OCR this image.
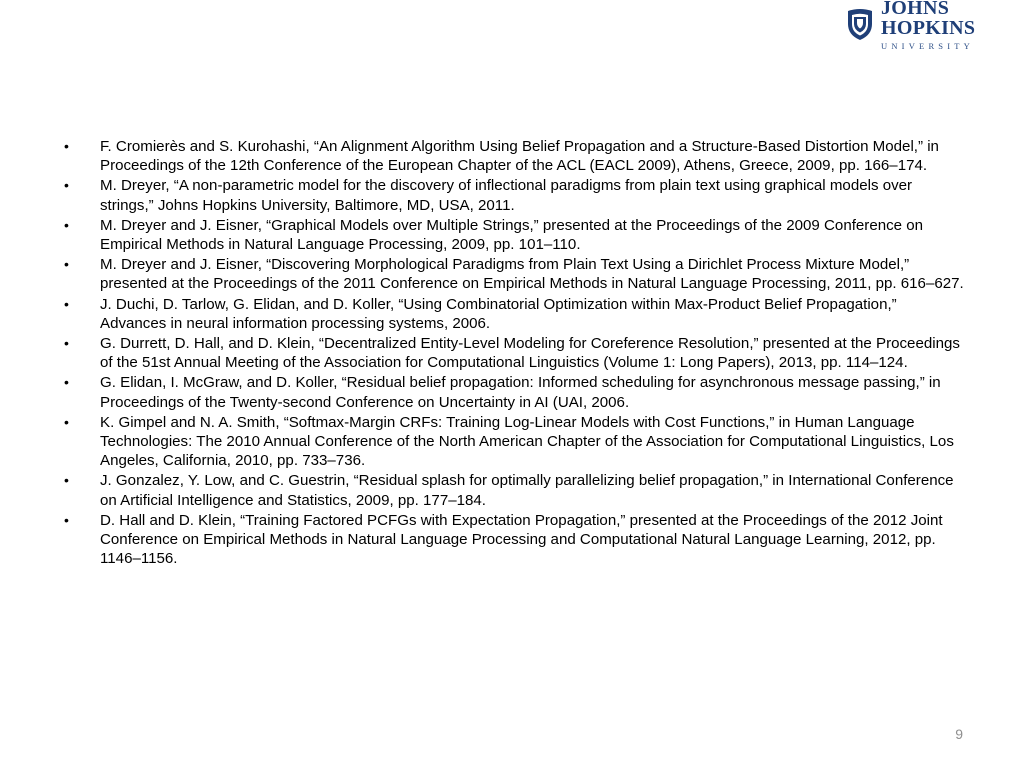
JOHNS HOPKINS
UNIVERSITY
• F. Cromierès and S. Kurohashi, “An Alignment Algorithm Using Belief Propagation and a Structure-Based Distortion Model,” in Proceedings of the 12th Conference of the European Chapter of the ACL (EACL 2009), Athens, Greece, 2009, pp. 166–174.
• M. Dreyer, “A non-parametric model for the discovery of inflectional paradigms from plain text using graphical models over strings,” Johns Hopkins University, Baltimore, MD, USA, 2011.
• M. Dreyer and J. Eisner, “Graphical Models over Multiple Strings,” presented at the Proceedings of the 2009 Conference on Empirical Methods in Natural Language Processing, 2009, pp. 101–110.
• M. Dreyer and J. Eisner, “Discovering Morphological Paradigms from Plain Text Using a Dirichlet Process Mixture Model,” presented at the Proceedings of the 2011 Conference on Empirical Methods in Natural Language Processing, 2011, pp. 616–627.
• J. Duchi, D. Tarlow, G. Elidan, and D. Koller, “Using Combinatorial Optimization within Max-Product Belief Propagation,” Advances in neural information processing systems, 2006.
• G. Durrett, D. Hall, and D. Klein, “Decentralized Entity-Level Modeling for Coreference Resolution,” presented at the Proceedings of the 51st Annual Meeting of the Association for Computational Linguistics (Volume 1: Long Papers), 2013, pp. 114–124.
• G. Elidan, I. McGraw, and D. Koller, “Residual belief propagation: Informed scheduling for asynchronous message passing,” in Proceedings of the Twenty-second Conference on Uncertainty in AI (UAI, 2006.
• K. Gimpel and N. A. Smith, “Softmax-Margin CRFs: Training Log-Linear Models with Cost Functions,” in Human Language Technologies: The 2010 Annual Conference of the North American Chapter of the Association for Computational Linguistics, Los Angeles, California, 2010, pp. 733–736.
• J. Gonzalez, Y. Low, and C. Guestrin, “Residual splash for optimally parallelizing belief propagation,” in International Conference on Artificial Intelligence and Statistics, 2009, pp. 177–184.
• D. Hall and D. Klein, “Training Factored PCFGs with Expectation Propagation,” presented at the Proceedings of the 2012 Joint Conference on Empirical Methods in Natural Language Processing and Computational Natural Language Learning, 2012, pp. 1146–1156.
9
